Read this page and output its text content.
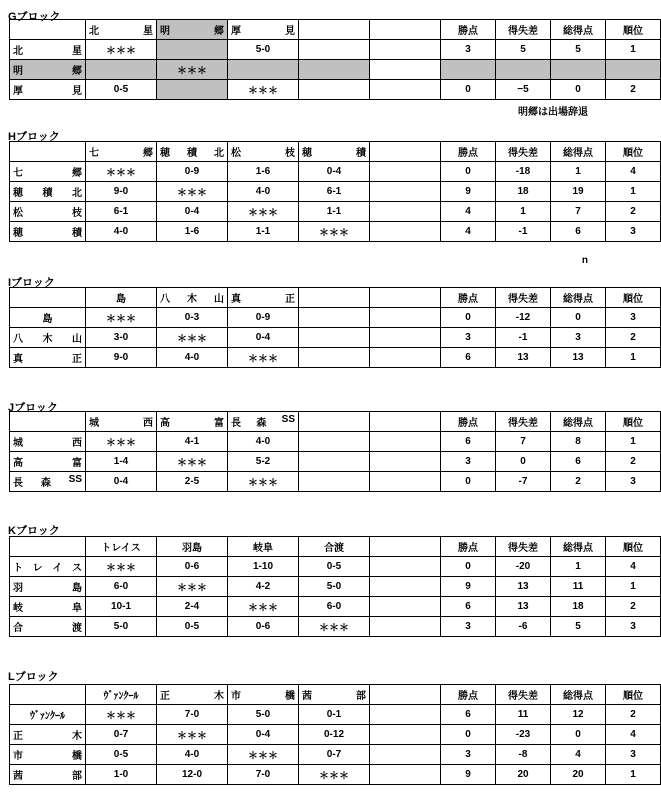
Gブロック

	北 星	明 郷	厚 見			勝点	得失差	総得点	順位

北 星	＊＊＊		5-0			3	5	5	1

明 郷		＊＊＊							

厚 見	0-5		＊＊＊			0	−5	0	2
明郷は出場辞退
Hブロック

	七 郷	穂 積 北	松 枝	穂 積		勝点	得失差	総得点	順位

七 郷	＊＊＊	0-9	1-6	0-4		0	-18	1	4

穂 積 北	9-0	＊＊＊	4-0	6-1		9	18	19	1

松 枝	6-1	0-4	＊＊＊	1-1		4	1	7	2

穂 積	4-0	1-6	1-1	＊＊＊		4	-1	6	3
n
Iブロック

	島	八 木 山	真 正			勝点	得失差	総得点	順位

島	＊＊＊	0-3	0-9			0	-12	0	3

八 木 山	3-0	＊＊＊	0-4			3	-1	3	2

真 正	9-0	4-0	＊＊＊			6	13	13	1
Jブロック

	城 西	高 富	長 森 SS			勝点	得失差	総得点	順位

城 西	＊＊＊	4-1	4-0			6	7	8	1

高 富	1-4	＊＊＊	5-2			3	0	6	2

長 森 SS	0-4	2-5	＊＊＊			0	-7	2	3
Kブロック

	トレイス	羽島	岐阜	合渡		勝点	得失差	総得点	順位

ト レ イ ス	＊＊＊	0-6	1-10	0-5		0	-20	1	4

羽 島	6-0	＊＊＊	4-2	5-0		9	13	11	1

岐 阜	10-1	2-4	＊＊＊	6-0		6	13	18	2

合 渡	5-0	0-5	0-6	＊＊＊		3	-6	5	3
Lブロック

	ｳﾞｧﾝｸｰﾙ	正 木	市 橋	茜 部		勝点	得失差	総得点	順位

ｳﾞｧﾝｸｰﾙ	＊＊＊	7-0	5-0	0-1		6	11	12	2

正 木	0-7	＊＊＊	0-4	0-12		0	-23	0	4

市 橋	0-5	4-0	＊＊＊	0-7		3	-8	4	3

茜 部	1-0	12-0	7-0	＊＊＊		9	20	20	1
